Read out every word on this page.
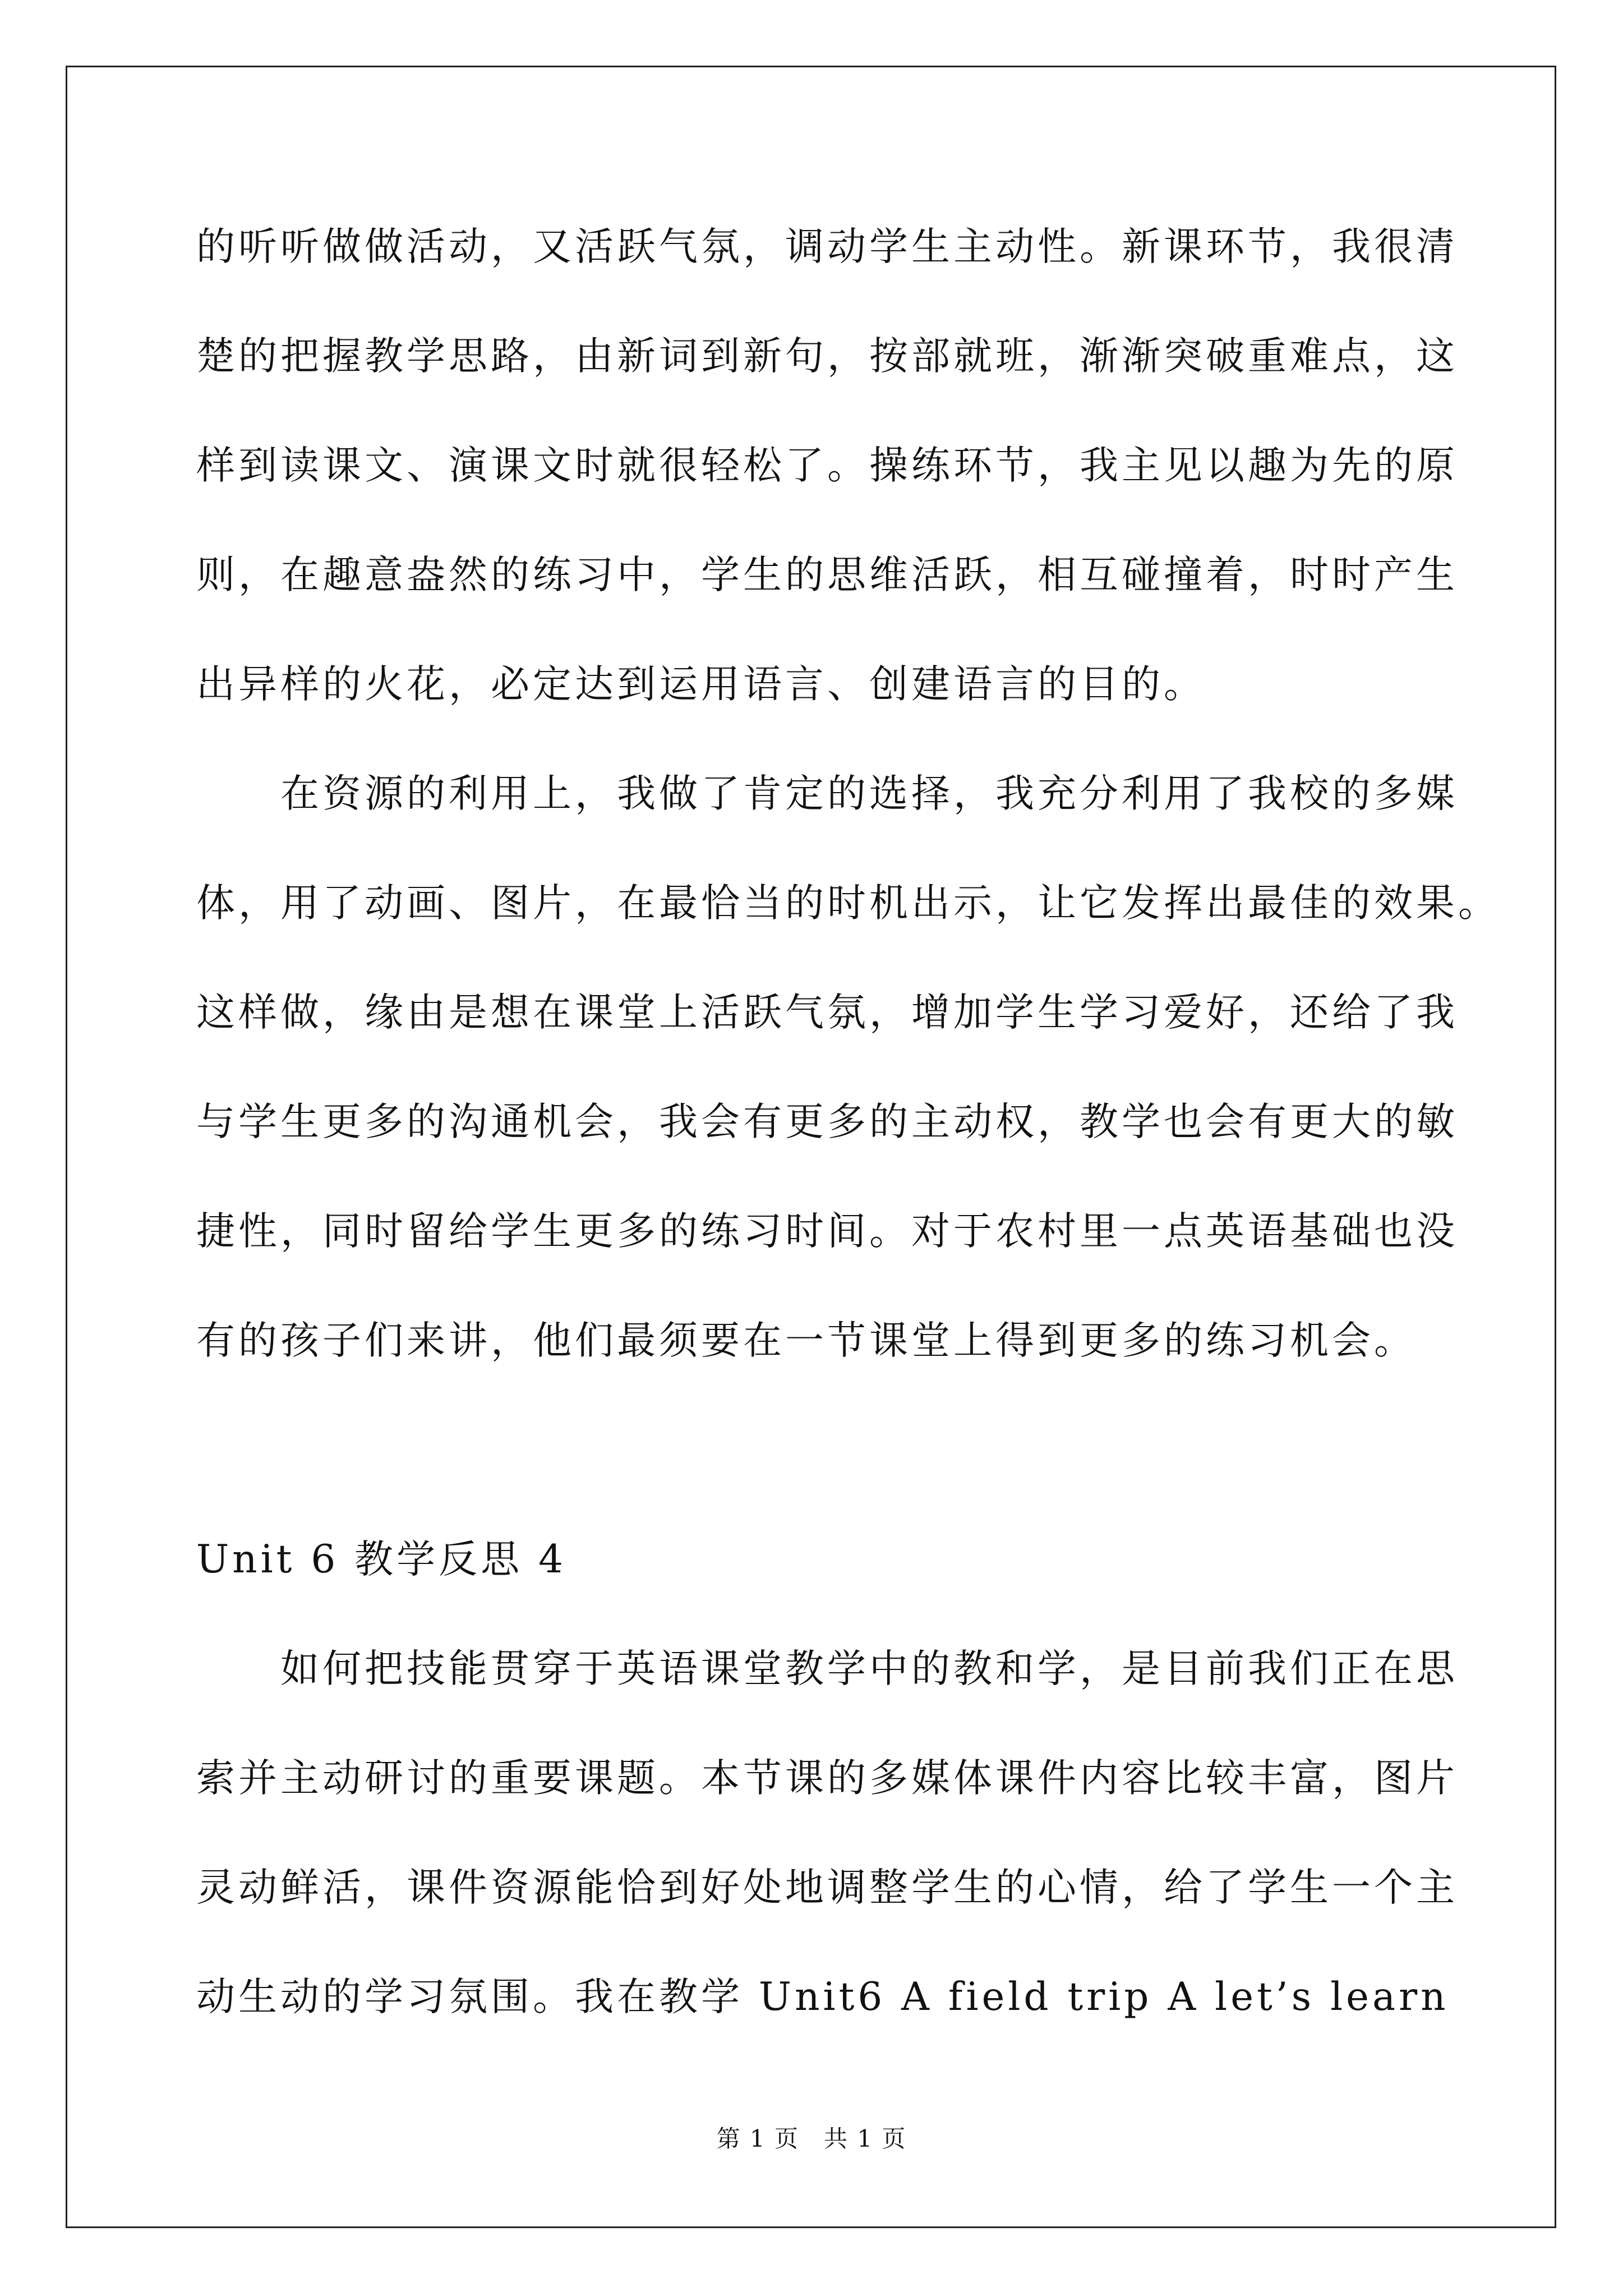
的听听做做活动，又活跃气氛，调动学生主动性。新课环节，我很清
楚的把握教学思路，由新词到新句，按部就班，渐渐突破重难点，这
样到读课文、演课文时就很轻松了。操练环节，我主见以趣为先的原
则，在趣意盎然的练习中，学生的思维活跃，相互碰撞着，时时产生
出异样的火花，必定达到运用语言、创建语言的目的。
在资源的利用上，我做了肯定的选择，我充分利用了我校的多媒
体，用了动画、图片，在最恰当的时机出示，让它发挥出最佳的效果。
这样做，缘由是想在课堂上活跃气氛，增加学生学习爱好，还给了我
与学生更多的沟通机会，我会有更多的主动权，教学也会有更大的敏
捷性，同时留给学生更多的练习时间。对于农村里一点英语基础也没
有的孩子们来讲，他们最须要在一节课堂上得到更多的练习机会。
Unit 6 教学反思 4
如何把技能贯穿于英语课堂教学中的教和学，是目前我们正在思
索并主动研讨的重要课题。本节课的多媒体课件内容比较丰富，图片
灵动鲜活，课件资源能恰到好处地调整学生的心情，给了学生一个主
动生动的学习氛围。我在教学 Unit6 A field trip A let’s learn
第 1 页　共 1 页
